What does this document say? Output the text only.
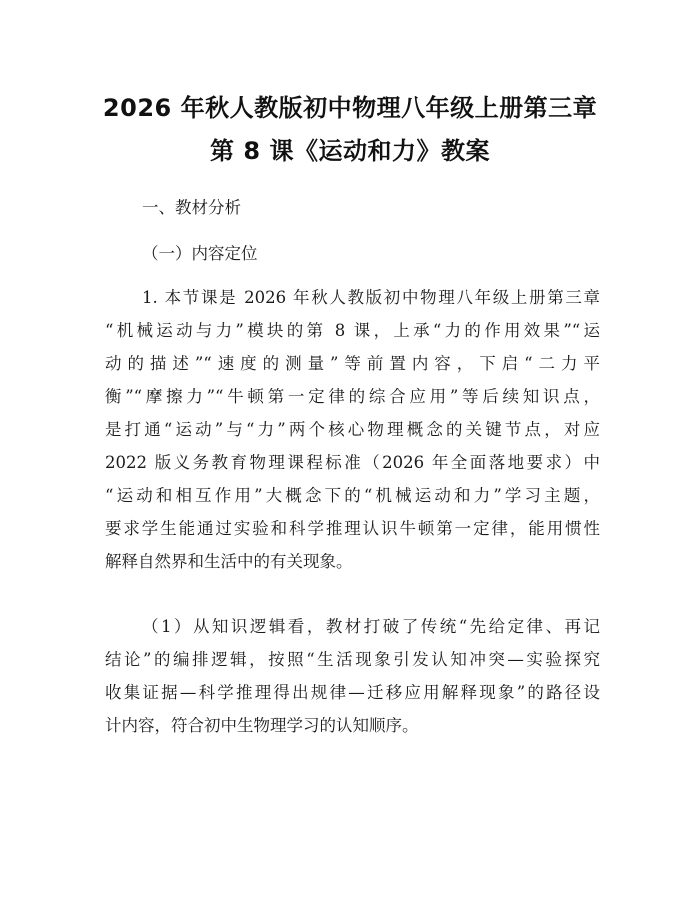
2026 年秋人教版初中物理八年级上册第三章
第 8 课《运动和力》教案
一、教材分析
（一）内容定位
1. 本节课是 2026 年秋人教版初中物理八年级上册第三章
“机械运动与力”模块的第 8 课，上承“力的作用效果”“运
动的描述”“速度的测量”等前置内容，下启“二力平
衡”“摩擦力”“牛顿第一定律的综合应用”等后续知识点，
是打通“运动”与“力”两个核心物理概念的关键节点，对应
2022 版义务教育物理课程标准（2026 年全面落地要求）中
“运动和相互作用”大概念下的“机械运动和力”学习主题，
要求学生能通过实验和科学推理认识牛顿第一定律，能用惯性
解释自然界和生活中的有关现象。
（1）从知识逻辑看，教材打破了传统“先给定律、再记
结论”的编排逻辑，按照“生活现象引发认知冲突—实验探究
收集证据—科学推理得出规律—迁移应用解释现象”的路径设
计内容，符合初中生物理学习的认知顺序。
